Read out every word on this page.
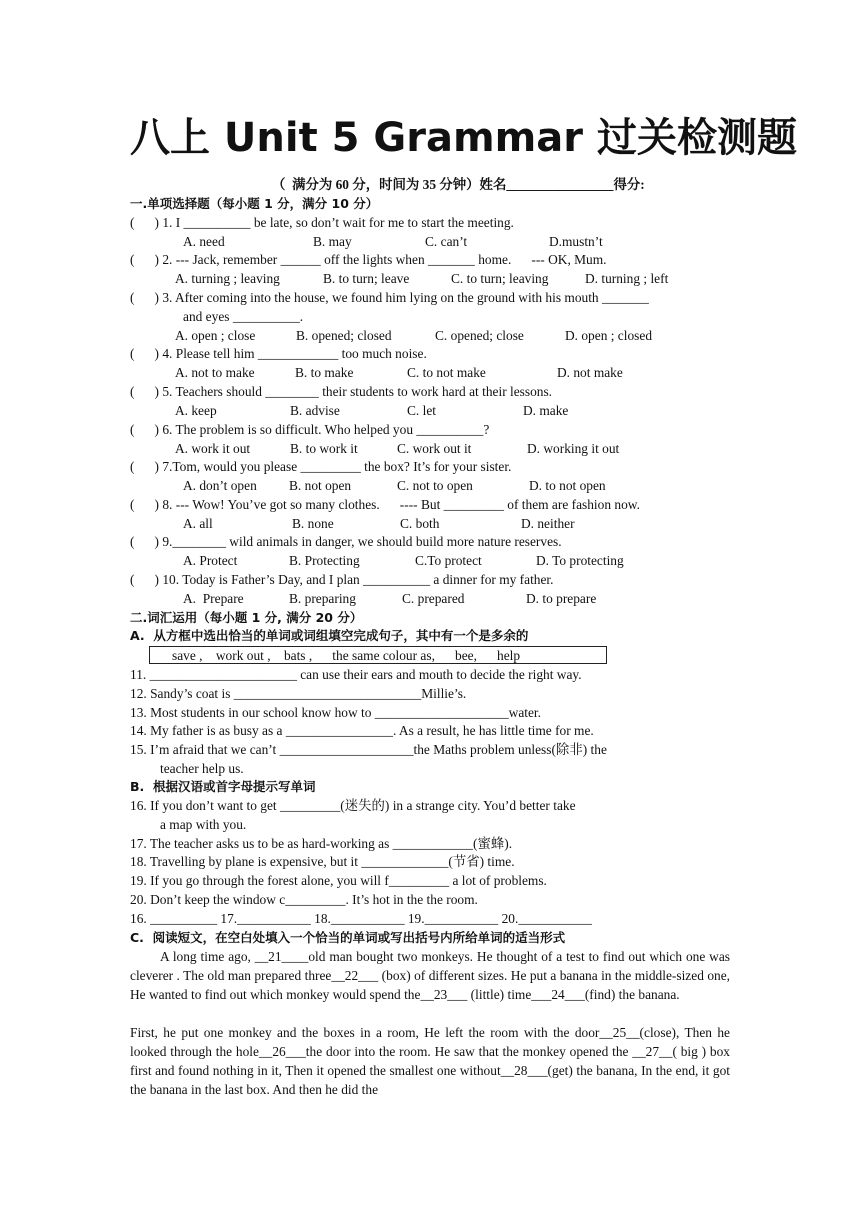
八上 Unit 5 Grammar 过关检测题
（  满分为 60 分，时间为 35 分钟）姓名________________得分:
一.单项选择题（每小题 1 分，满分 10 分）
(      ) 1. I __________ be late, so don’t wait for me to start the meeting.
A. need	B. may	C. can’t	D.mustn’t
(      ) 2. --- Jack, remember ______ off the lights when _______ home.      --- OK, Mum.
A. turning ; leaving	B. to turn; leave	C. to turn; leaving	D. turning ; left
(      ) 3. After coming into the house, we found him lying on the ground with his mouth _______
and eyes __________.
A. open ; close	B. opened; closed	C. opened; close	D. open ; closed
(      ) 4. Please tell him ____________ too much noise.
A. not to make	B. to make	C. to not make	D. not make
(      ) 5. Teachers should ________ their students to work hard at their lessons.
A. keep	B. advise	C. let	D. make
(      ) 6. The problem is so difficult. Who helped you __________?
A. work it out	B. to work it	C. work out it	D. working it out
(      ) 7.Tom, would you please _________ the box? It’s for your sister.
A. don’t open	B. not open	C. not to open	D. to not open
(      ) 8. --- Wow! You’ve got so many clothes.      ---- But _________ of them are fashion now.
A. all	B. none	C. both	D. neither
(      ) 9.________ wild animals in danger, we should build more nature reserves.
A. Protect	B. Protecting	C.To protect	D. To protecting
(      ) 10. Today is Father’s Day, and I plan __________ a dinner for my father.
A.  Prepare	B. preparing	C. prepared	D. to prepare
二.词汇运用（每小题 1 分, 满分 20 分）
A.  从方框中选出恰当的单词或词组填空完成句子，其中有一个是多余的
save ,    work out ,    bats ,      the same colour as,      bee,      help
11. ______________________ can use their ears and mouth to decide the right way.
12. Sandy’s coat is ____________________________Millie’s.
13. Most students in our school know how to ____________________water.
14. My father is as busy as a ________________. As a result, he has little time for me.
15. I’m afraid that we can’t ____________________the Maths problem unless(除非) the
teacher help us.
B.  根据汉语或首字母提示写单词
16. If you don’t want to get _________(迷失的) in a strange city. You’d better take
a map with you.
17. The teacher asks us to be as hard-working as ____________(蜜蜂).
18. Travelling by plane is expensive, but it _____________(节省) time.
19. If you go through the forest alone, you will f_________ a lot of problems.
20. Don’t keep the window c_________. It’s hot in the the room.
16. __________ 17.___________ 18.___________ 19.___________ 20.___________
C.  阅读短文，在空白处填入一个恰当的单词或写出括号内所给单词的适当形式
A long time ago, __21____old man bought two monkeys. He thought of a test to find out which one was cleverer . The old man prepared three__22___ (box) of different sizes. He put a banana in the middle-sized one, He wanted to find out which monkey would spend the__23___ (little) time___24___(find) the banana.
First, he put one monkey and the boxes in a room, He left the room with the door__25__(close), Then he looked through the hole__26___the door into the room. He saw that the monkey opened the __27__( big ) box first and found nothing in it, Then it opened the smallest one without__28___(get) the banana, In the end, it got the banana in the last box. And then he did the
